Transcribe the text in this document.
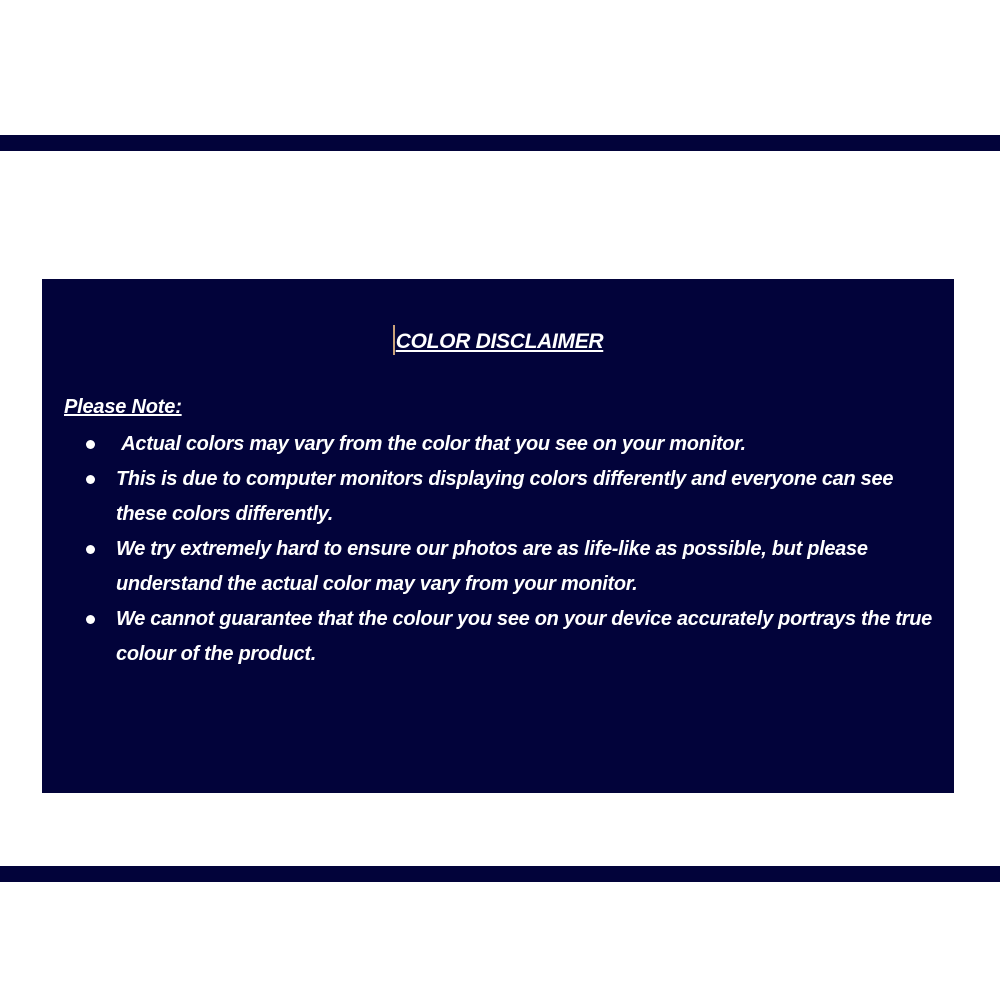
COLOR DISCLAIMER

Please Note:

Actual colors may vary from the color that you see on your monitor.
This is due to computer monitors displaying colors differently and everyone can see these colors differently.
We try extremely hard to ensure our photos are as life-like as possible, but please understand the actual color may vary from your monitor.
We cannot guarantee that the colour you see on your device accurately portrays the true colour of the product.
